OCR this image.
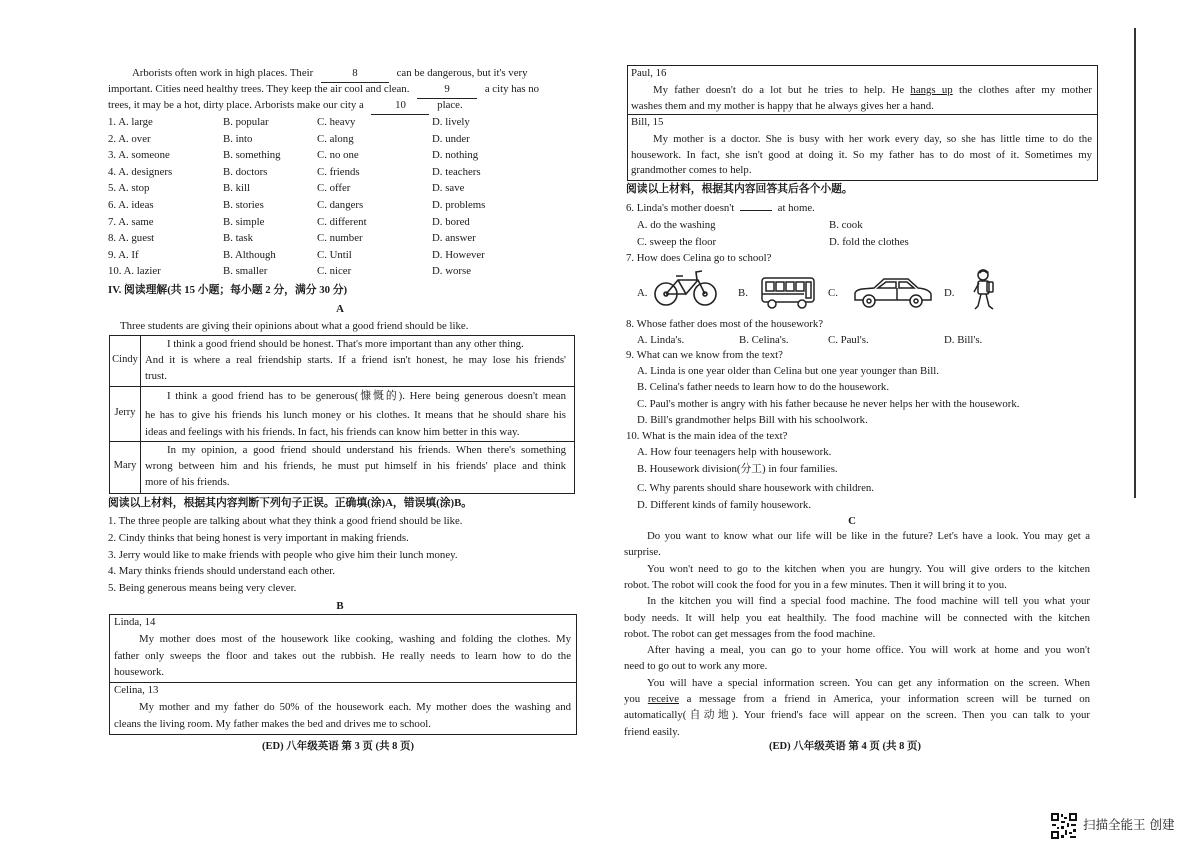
Arborists often work in high places. Their	8	can be dangerous, but it's very
important. Cities need healthy trees. They keep the air cool and clean.	9	a city has no
trees, it may be a hot, dirty place. Arborists make our city a	10	place.
1. A. large	B. popular	C. heavy	D. lively
2. A. over	B. into	C. along	D. under
3. A. someone	B. something	C. no one	D. nothing
4. A. designers	B. doctors	C. friends	D. teachers
5. A. stop	B. kill	C. offer	D. save
6. A. ideas	B. stories	C. dangers	D. problems
7. A. same	B. simple	C. different	D. bored
8. A. guest	B. task	C. number	D. answer
9. A. If	B. Although	C. Until	D. However
10. A. lazier	B. smaller	C. nicer	D. worse
IV. 阅读理解(共 15 小题；每小题 2 分，满分 30 分)
A
Three students are giving their opinions about what a good friend should be like.
Cindy
I think a good friend should be honest. That's more important than any other thing.
And it is where a real friendship starts. If a friend isn't honest, he may lose his friends'
trust.
Jerry
I think a good friend has to be generous(慷慨的). Here being generous doesn't mean
he has to give his friends his lunch money or his clothes. It means that he should share his
ideas and feelings with his friends. In fact, his friends can know him better in this way.
Mary
In my opinion, a good friend should understand his friends. When there's something
wrong between him and his friends, he must put himself in his friends' place and think
more of his friends.
阅读以上材料，根据其内容判断下列句子正误。正确填(涂)A，错误填(涂)B。
1. The three people are talking about what they think a good friend should be like.
2. Cindy thinks that being honest is very important in making friends.
3. Jerry would like to make friends with people who give him their lunch money.
4. Mary thinks friends should understand each other.
5. Being generous means being very clever.
B
Linda, 14
My mother does most of the housework like cooking, washing and folding the clothes. My
father only sweeps the floor and takes out the rubbish. He really needs to learn how to do the
housework.
Celina, 13
My mother and my father do 50% of the housework each. My mother does the washing and
cleans the living room. My father makes the bed and drives me to school.
(ED) 八年级英语 第 3 页 (共 8 页)
Paul, 16
My father doesn't do a lot but he tries to help. He hangs up the clothes after my mother
washes them and my mother is happy that he always gives her a hand.
Bill, 15
My mother is a doctor. She is busy with her work every day, so she has little time to do the
housework. In fact, she isn't good at doing it. So my father has to do most of it. Sometimes my
grandmother comes to help.
阅读以上材料，根据其内容回答其后各个小题。
6. Linda's mother doesn't	at home.
A. do the washing	B. cook
C. sweep the floor	D. fold the clothes
7. How does Celina go to school?
A.	B.	C.	D.
8. Whose father does most of the housework?
A. Linda's.	B. Celina's.	C. Paul's.	D. Bill's.
9. What can we know from the text?
A. Linda is one year older than Celina but one year younger than Bill.
B. Celina's father needs to learn how to do the housework.
C. Paul's mother is angry with his father because he never helps her with the housework.
D. Bill's grandmother helps Bill with his schoolwork.
10. What is the main idea of the text?
A. How four teenagers help with housework.
B. Housework division(分工) in four families.
C. Why parents should share housework with children.
D. Different kinds of family housework.
C
Do you want to know what our life will be like in the future? Let's have a look. You may get a
surprise.
You won't need to go to the kitchen when you are hungry. You will give orders to the kitchen
robot. The robot will cook the food for you in a few minutes. Then it will bring it to you.
In the kitchen you will find a special food machine. The food machine will tell you what your
body needs. It will help you eat healthily. The food machine will be connected with the kitchen
robot. The robot can get messages from the food machine.
After having a meal, you can go to your home office. You will work at home and you won't
need to go out to work any more.
You will have a special information screen. You can get any information on the screen. When
you receive a message from a friend in America, your information screen will be turned on
automatically(自动地). Your friend's face will appear on the screen. Then you can talk to your
friend easily.
(ED) 八年级英语 第 4 页 (共 8 页)
扫描全能王 创建
